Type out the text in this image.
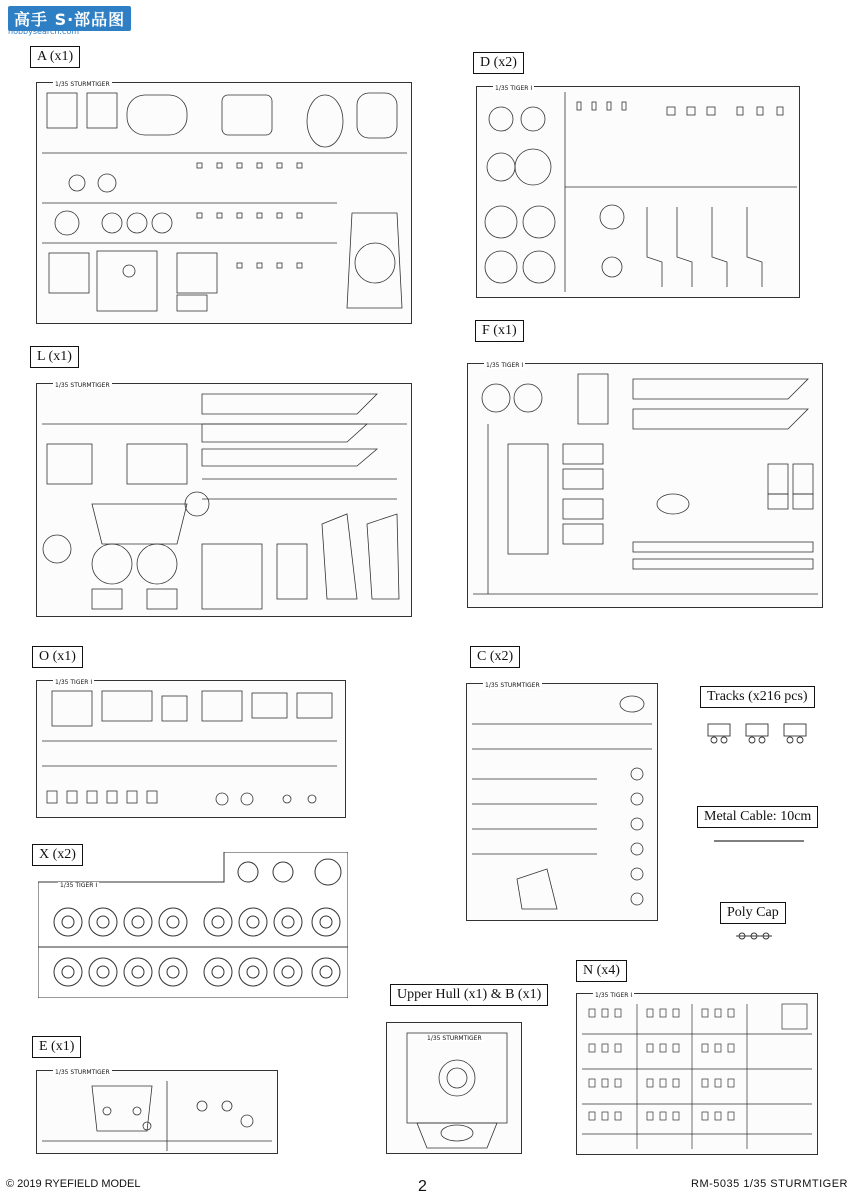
高手 S·部品图
hobbysearch.com
A (x1)
1/35 STURMTIGER
D (x2)
1/35 TIGER I
L (x1)
1/35 STURMTIGER
F (x1)
1/35 TIGER I
O (x1)
1/35 TIGER I
C (x2)
1/35 STURMTIGER
Tracks (x216 pcs)
Metal Cable: 10cm
Poly Cap
X (x2)
1/35 TIGER I
E (x1)
1/35 STURMTIGER
Upper Hull (x1) & B (x1)
1/35 STURMTIGER
N (x4)
1/35 TIGER I
© 2019 RYEFIELD MODEL	2	RM-5035 1/35 STURMTIGER
